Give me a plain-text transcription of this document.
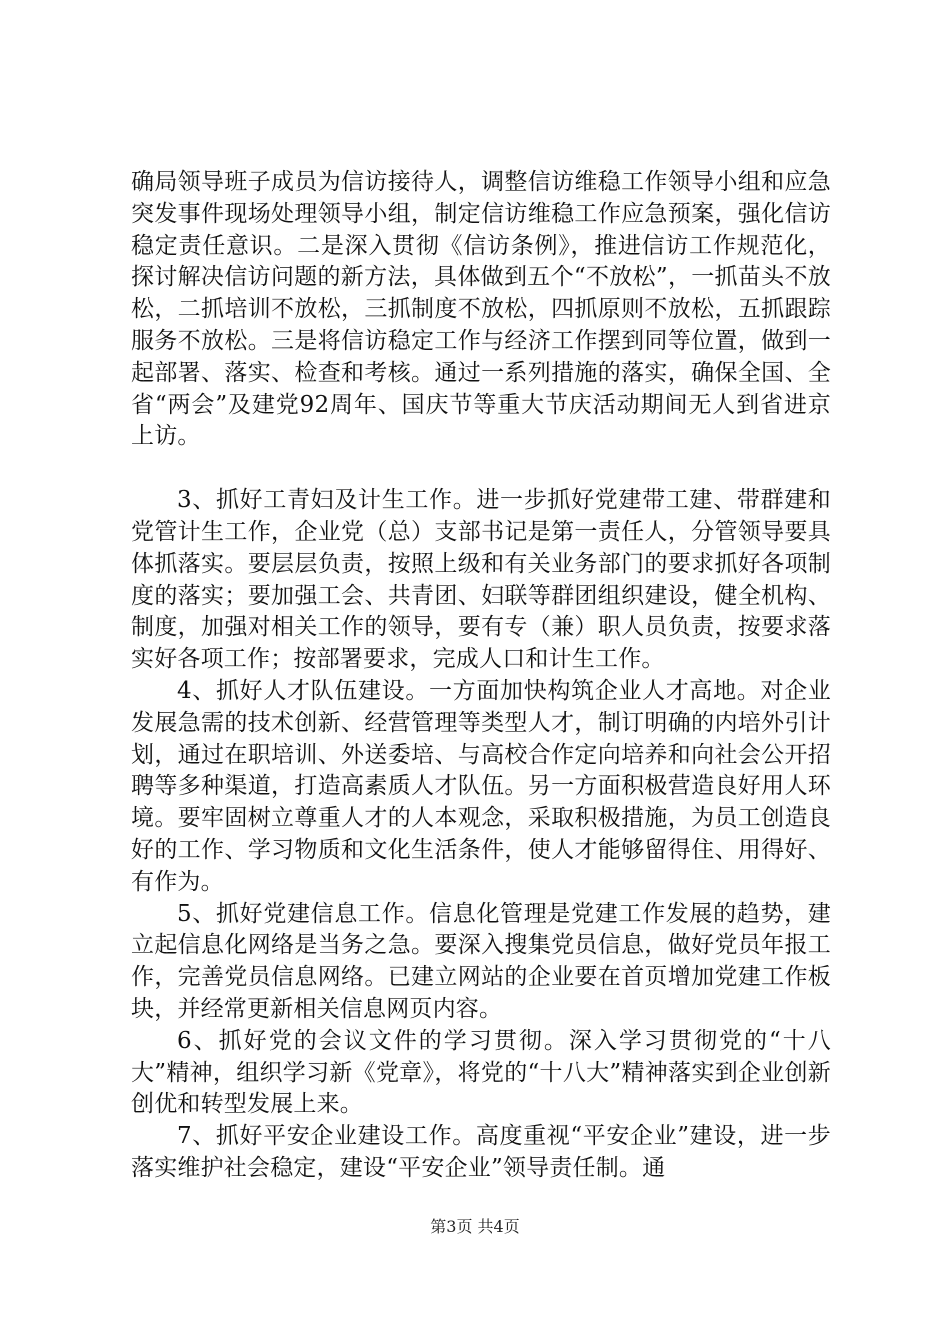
确局领导班子成员为信访接待人，调整信访维稳工作领导小组和应急突发事件现场处理领导小组，制定信访维稳工作应急预案，强化信访稳定责任意识。二是深入贯彻《信访条例》，推进信访工作规范化，探讨解决信访问题的新方法，具体做到五个“不放松”，一抓苗头不放松，二抓培训不放松，三抓制度不放松，四抓原则不放松，五抓跟踪服务不放松。三是将信访稳定工作与经济工作摆到同等位置，做到一起部署、落实、检查和考核。通过一系列措施的落实，确保全国、全省“两会”及建党92周年、国庆节等重大节庆活动期间无人到省进京上访。

3、抓好工青妇及计生工作。进一步抓好党建带工建、带群建和党管计生工作，企业党（总）支部书记是第一责任人，分管领导要具体抓落实。要层层负责，按照上级和有关业务部门的要求抓好各项制度的落实；要加强工会、共青团、妇联等群团组织建设，健全机构、制度，加强对相关工作的领导，要有专（兼）职人员负责，按要求落实好各项工作；按部署要求，完成人口和计生工作。

4、抓好人才队伍建设。一方面加快构筑企业人才高地。对企业发展急需的技术创新、经营管理等类型人才，制订明确的内培外引计划，通过在职培训、外送委培、与高校合作定向培养和向社会公开招聘等多种渠道，打造高素质人才队伍。另一方面积极营造良好用人环境。要牢固树立尊重人才的人本观念，采取积极措施，为员工创造良好的工作、学习物质和文化生活条件，使人才能够留得住、用得好、有作为。

5、抓好党建信息工作。信息化管理是党建工作发展的趋势，建立起信息化网络是当务之急。要深入搜集党员信息，做好党员年报工作，完善党员信息网络。已建立网站的企业要在首页增加党建工作板块，并经常更新相关信息网页内容。

6、抓好党的会议文件的学习贯彻。深入学习贯彻党的“十八大”精神，组织学习新《党章》，将党的“十八大”精神落实到企业创新创优和转型发展上来。

7、抓好平安企业建设工作。高度重视“平安企业”建设，进一步落实维护社会稳定，建设“平安企业”领导责任制。通

第3页 共4页
